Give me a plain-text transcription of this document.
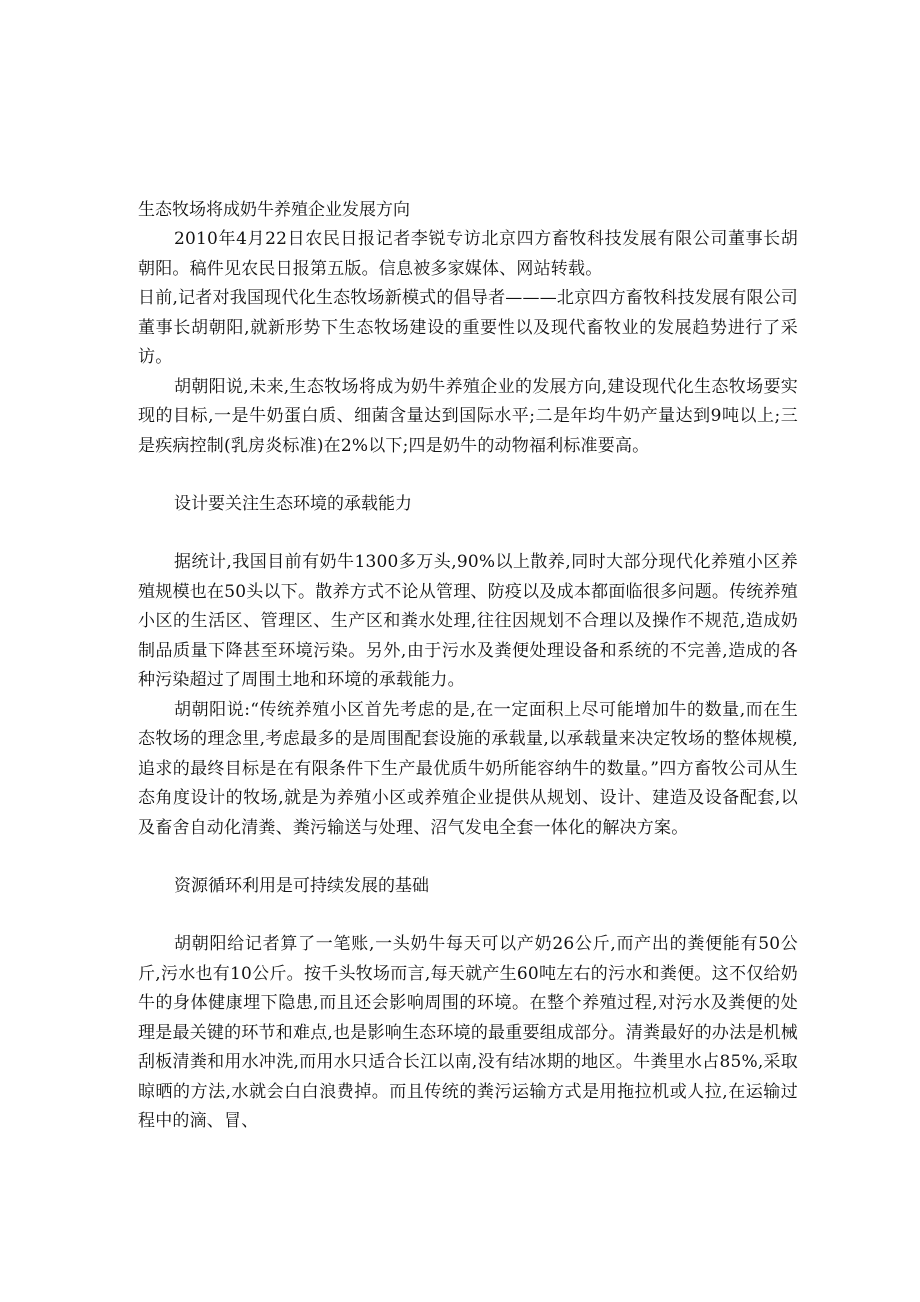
生态牧场将成奶牛养殖企业发展方向

2010年4月22日农民日报记者李锐专访北京四方畜牧科技发展有限公司董事长胡朝阳。稿件见农民日报第五版。信息被多家媒体、网站转载。

日前,记者对我国现代化生态牧场新模式的倡导者———北京四方畜牧科技发展有限公司董事长胡朝阳,就新形势下生态牧场建设的重要性以及现代畜牧业的发展趋势进行了采访。

胡朝阳说,未来,生态牧场将成为奶牛养殖企业的发展方向,建设现代化生态牧场要实现的目标,一是牛奶蛋白质、细菌含量达到国际水平;二是年均牛奶产量达到9吨以上;三是疾病控制(乳房炎标准)在2%以下;四是奶牛的动物福利标准要高。

设计要关注生态环境的承载能力

据统计,我国目前有奶牛1300多万头,90%以上散养,同时大部分现代化养殖小区养殖规模也在50头以下。散养方式不论从管理、防疫以及成本都面临很多问题。传统养殖小区的生活区、管理区、生产区和粪水处理,往往因规划不合理以及操作不规范,造成奶制品质量下降甚至环境污染。另外,由于污水及粪便处理设备和系统的不完善,造成的各种污染超过了周围土地和环境的承载能力。

胡朝阳说:“传统养殖小区首先考虑的是,在一定面积上尽可能增加牛的数量,而在生态牧场的理念里,考虑最多的是周围配套设施的承载量,以承载量来决定牧场的整体规模,追求的最终目标是在有限条件下生产最优质牛奶所能容纳牛的数量。”四方畜牧公司从生态角度设计的牧场,就是为养殖小区或养殖企业提供从规划、设计、建造及设备配套,以及畜舍自动化清粪、粪污输送与处理、沼气发电全套一体化的解决方案。

资源循环利用是可持续发展的基础

胡朝阳给记者算了一笔账,一头奶牛每天可以产奶26公斤,而产出的粪便能有50公斤,污水也有10公斤。按千头牧场而言,每天就产生60吨左右的污水和粪便。这不仅给奶牛的身体健康埋下隐患,而且还会影响周围的环境。在整个养殖过程,对污水及粪便的处理是最关键的环节和难点,也是影响生态环境的最重要组成部分。清粪最好的办法是机械刮板清粪和用水冲洗,而用水只适合长江以南,没有结冰期的地区。牛粪里水占85%,采取晾晒的方法,水就会白白浪费掉。而且传统的粪污运输方式是用拖拉机或人拉,在运输过程中的滴、冒、
